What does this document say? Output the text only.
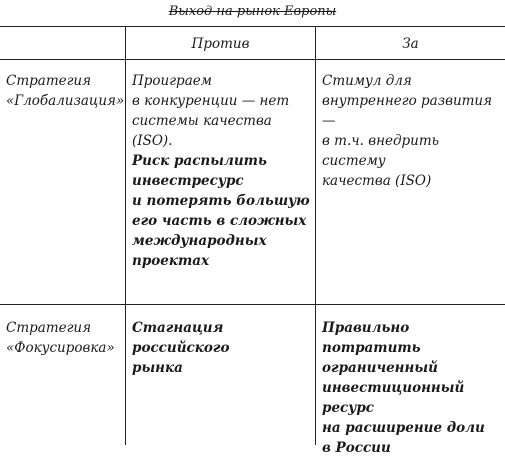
Выход на рынок Европы
Против	За
Стратегия
«Глобализация»
Проиграем
в конкуренции — нет
системы качества (ISO).
Риск распылить
инвестресурс
и потерять большую
его часть в сложных
международных
проектах
Стимул для
внутреннего развития —
в т.ч. внедрить систему
качества (ISO)
Стратегия
«Фокусировка»
Стагнация российского
рынка
Правильно потратить
ограниченный
инвестиционный ресурс
на расширение доли
в России
